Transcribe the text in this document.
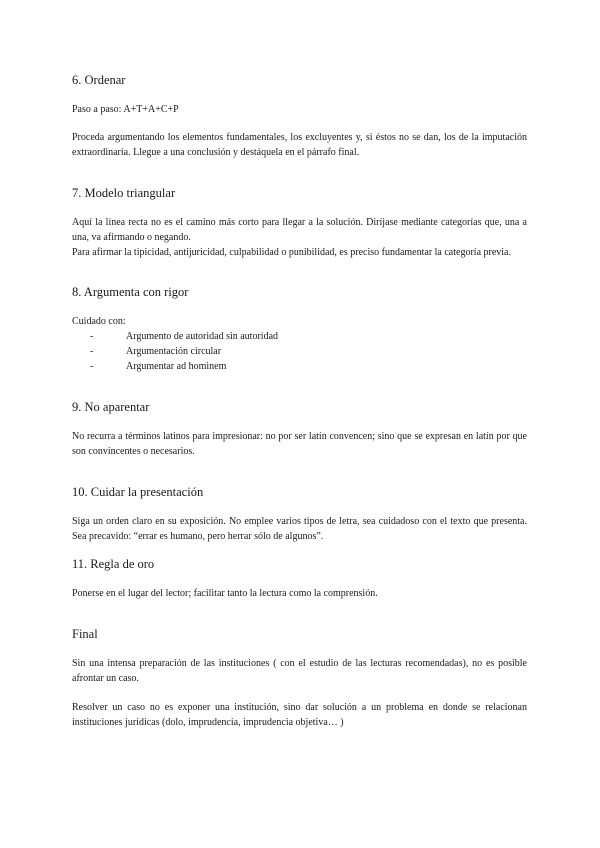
6. Ordenar

Paso a paso: A+T+A+C+P

Proceda argumentando los elementos fundamentales, los excluyentes y, si éstos no se dan, los de la imputación extraordinaria. Llegue a una conclusión y destáquela en el párrafo final.

7. Modelo triangular

Aquí la línea recta no es el camino más corto para llegar a la solución. Diríjase mediante categorías que, una a una, va afirmando o negando.

Para afirmar la tipicidad, antijuricidad, culpabilidad o punibilidad, es preciso fundamentar la categoría previa.

8. Argumenta con rigor

Cuidado con:

-	Argumento de autoridad sin autoridad
-	Argumentación circular
-	Argumentar ad hominem
9. No aparentar

No recurra a términos latinos para impresionar: no por ser latín convencen; sino que se expresan en latín por que son convincentes o necesarios.

10. Cuidar la presentación

Siga un orden claro en su exposición. No emplee varios tipos de letra, sea cuidadoso con el texto que presenta. Sea precavido: “errar es humano, pero herrar sólo de algunos”.

11. Regla de oro

Ponerse en el lugar del lector; facilitar tanto la lectura como la comprensión.

Final

Sin una intensa preparación de las instituciones ( con el estudio de las lecturas recomendadas), no es posible afrontar un caso.

Resolver un caso no es exponer una institución, sino dar solución a un problema en donde se relacionan instituciones jurídicas (dolo, imprudencia, imprudencia objetiva… )
